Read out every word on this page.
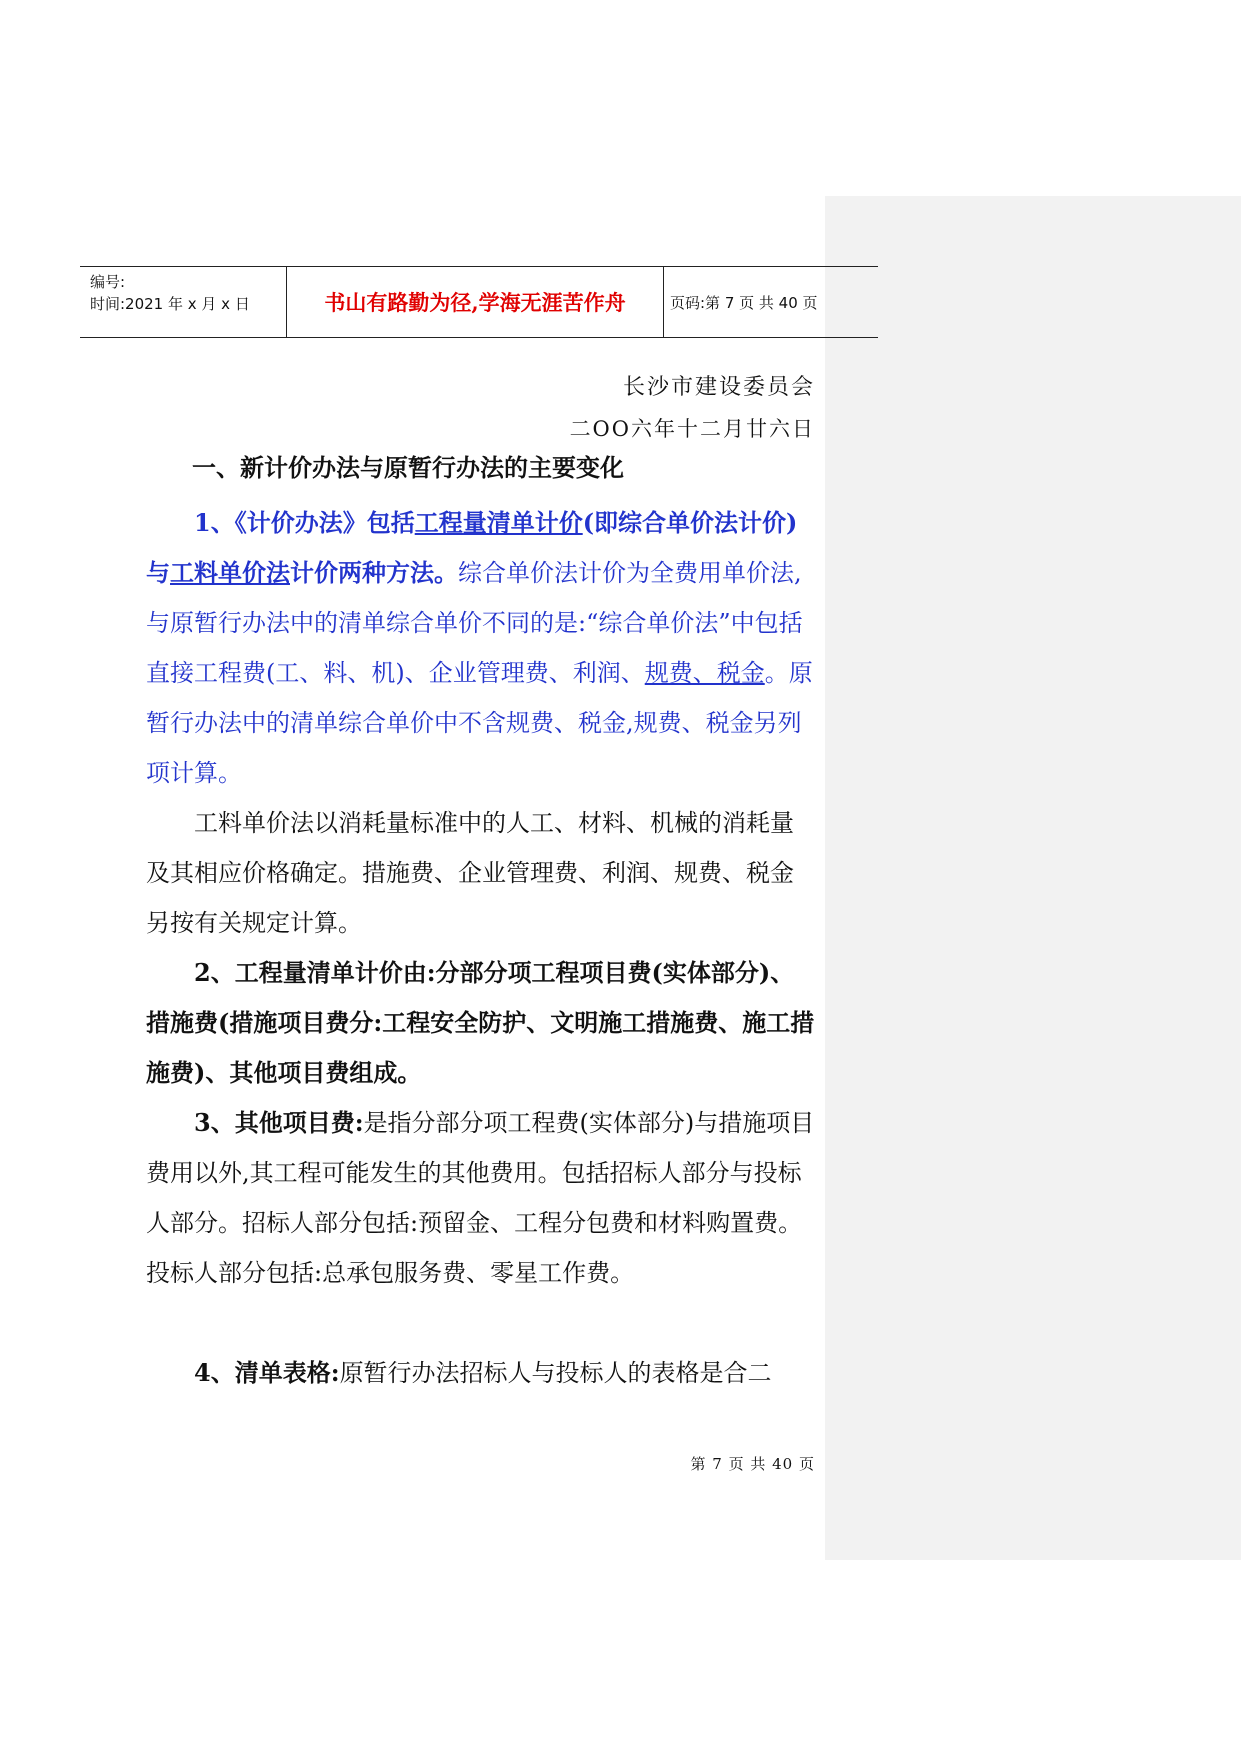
编号:
时间:2021 年 x 月 x 日	书山有路勤为径,学海无涯苦作舟	页码:第 7 页 共 40 页
长沙市建设委员会
二OO六年十二月廿六日
一、新计价办法与原暂行办法的主要变化

1、《计价办法》包括工程量清单计价(即综合单价法计价)与工料单价法计价两种方法。综合单价法计价为全费用单价法,与原暂行办法中的清单综合单价不同的是:“综合单价法”中包括直接工程费(工、料、机)、企业管理费、利润、规费、税金。原暂行办法中的清单综合单价中不含规费、税金,规费、税金另列项计算。

工料单价法以消耗量标准中的人工、材料、机械的消耗量及其相应价格确定。措施费、企业管理费、利润、规费、税金另按有关规定计算。

2、工程量清单计价由:分部分项工程项目费(实体部分)、措施费(措施项目费分:工程安全防护、文明施工措施费、施工措施费)、其他项目费组成。

3、其他项目费:是指分部分项工程费(实体部分)与措施项目费用以外,其工程可能发生的其他费用。包括招标人部分与投标人部分。招标人部分包括:预留金、工程分包费和材料购置费。投标人部分包括:总承包服务费、零星工作费。

4、清单表格:原暂行办法招标人与投标人的表格是合二

第 7 页 共 40 页
